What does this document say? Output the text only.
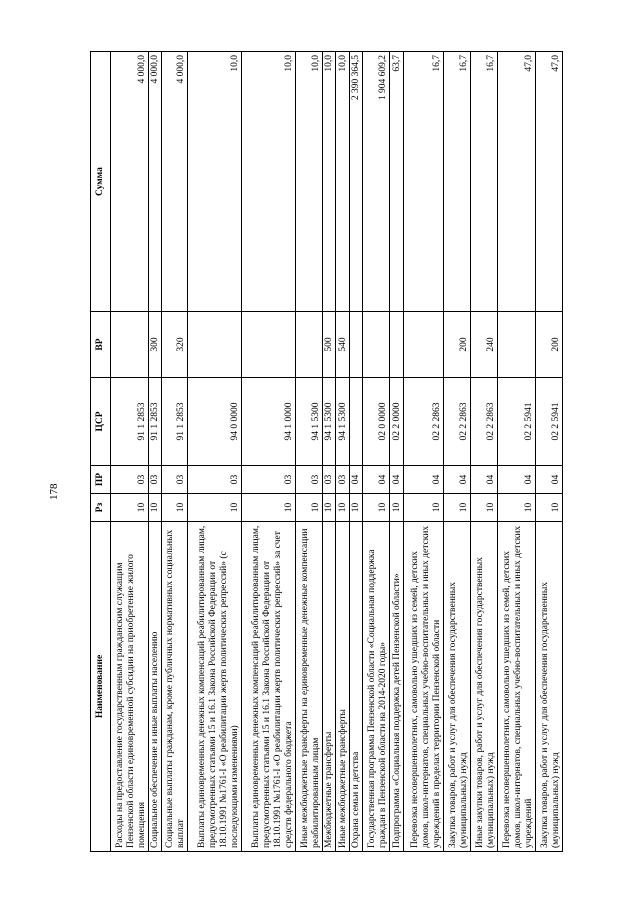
178
Наименование	Рз	ПР	ЦСР	ВР	Сумма
Расходы на предоставление государственным гражданским служащим Пензенской области единовременной субсидии на приобретение жилого помещения	10	03	91 1 2853		4 000,0
Социальное обеспечение и иные выплаты населению	10	03	91 1 2853	300	4 000,0
Социальные выплаты гражданам, кроме публичных нормативных социальных выплат	10	03	91 1 2853	320	4 000,0
Выплаты единовременных денежных компенсаций реабилитированным лицам, предусмотренных статьями 15 и 16.1 Закона Российской Федерации от 18.10.1991 №1761-I «О реабилитации жертв политических репрессий» (с последующими изменениями)	10	03	94 0 0000		10,0
Выплаты единовременных денежных компенсаций реабилитированным лицам, предусмотренных статьями 15 и 16.1 Закона Российской Федерации от 18.10.1991 №1761-I «О реабилитации жертв политических репрессий» за счет средств федерального бюджета	10	03	94 1 0000		10,0
Иные межбюджетные трансферты на единовременные денежные компенсации реабилитированным лицам	10	03	94 1 5300		10,0
Межбюджетные трансферты	10	03	94 1 5300	500	10,0
Иные межбюджетные трансферты	10	03	94 1 5300	540	10,0
Охрана семьи и детства	10	04			2 390 364,5
Государственная программа Пензенской области «Социальная поддержка граждан в Пензенской области на 2014-2020 годы»	10	04	02 0 0000		1 904 609,2
Подпрограмма «Социальная поддержка детей Пензенской области»	10	04	02 2 0000		63,7
Перевозка несовершеннолетних, самовольно ушедших из семей, детских домов, школ-интернатов, специальных учебно-воспитательных и иных детских учреждений в пределах территории Пензенской области	10	04	02 2 2863		16,7
Закупка товаров, работ и услуг для обеспечения государственных (муниципальных) нужд	10	04	02 2 2863	200	16,7
Иные закупки товаров, работ и услуг для обеспечения государственных (муниципальных) нужд	10	04	02 2 2863	240	16,7
Перевозка несовершеннолетних, самовольно ушедших из семей, детских домов, школ-интернатов, специальных учебно-воспитательных и иных детских учреждений	10	04	02 2 5941		47,0
Закупка товаров, работ и услуг для обеспечения государственных (муниципальных) нужд	10	04	02 2 5941	200	47,0
